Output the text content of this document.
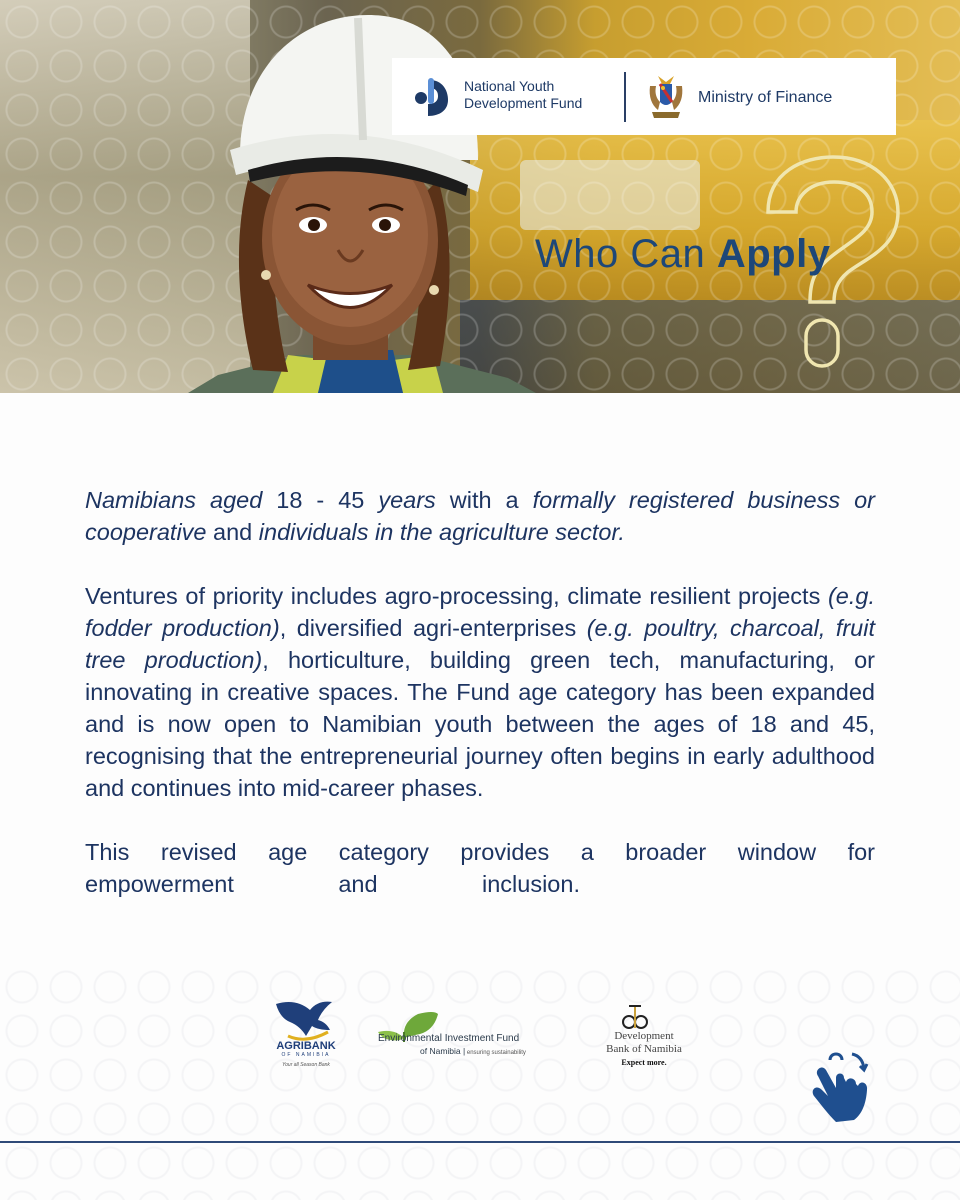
National Youth
Development Fund	Ministry of Finance
Who Can Apply

Namibians aged 18 - 45 years with a formally registered business or cooperative and individuals in the agriculture sector.

Ventures of priority includes agro-processing, climate resilient projects (e.g. fodder production), diversified agri-enterprises (e.g. poultry, charcoal, fruit tree production), horticulture, building green tech, manufacturing, or innovating in creative spaces. The Fund age category has been expanded and is now open to Namibian youth between the ages of 18 and 45, recognising that the entrepreneurial journey often begins in early adulthood and continues into mid-career phases.

This revised age category provides a broader window for
empowerment	and	inclusion.

AGRIBANK
OF NAMIBIA
Your all Season Bank
Environmental Investment Fund
of Namibia | ensuring sustainability
Development
Bank of Namibia
Expect more.
